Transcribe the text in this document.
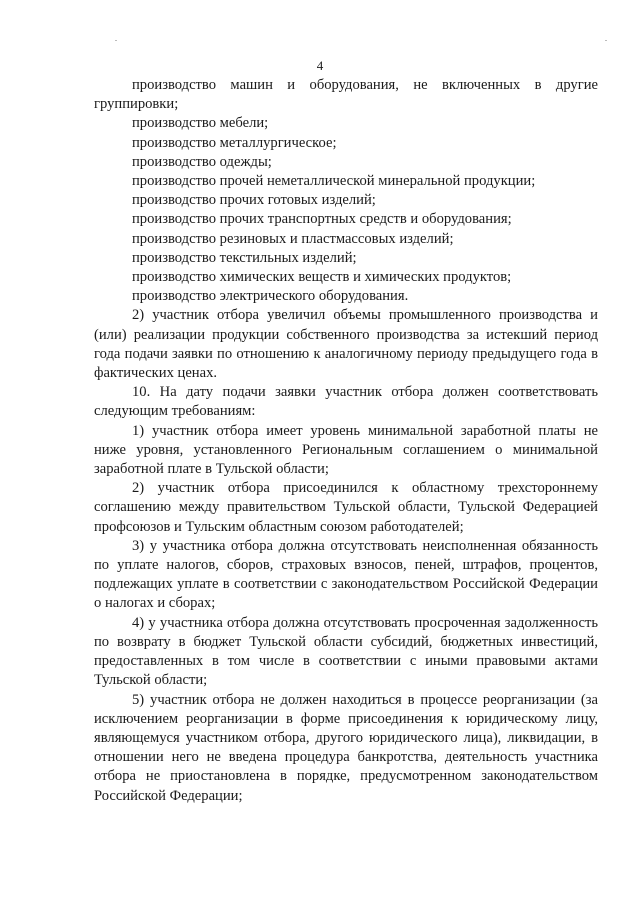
4

производство машин и оборудования, не включенных в другие группировки;

производство мебели;

производство металлургическое;

производство одежды;

производство прочей неметаллической минеральной продукции;

производство прочих готовых изделий;

производство прочих транспортных средств и оборудования;

производство резиновых и пластмассовых изделий;

производство текстильных изделий;

производство химических веществ и химических продуктов;

производство электрического оборудования.

2) участник отбора увеличил объемы промышленного производства и (или) реализации продукции собственного производства за истекший период года подачи заявки по отношению к аналогичному периоду предыдущего года в фактических ценах.

10. На дату подачи заявки участник отбора должен соответствовать следующим требованиям:

1) участник отбора имеет уровень минимальной заработной платы не ниже уровня, установленного Региональным соглашением о минимальной заработной плате в Тульской области;

2) участник отбора присоединился к областному трехстороннему соглашению между правительством Тульской области, Тульской Федерацией профсоюзов и Тульским областным союзом работодателей;

3) у участника отбора должна отсутствовать неисполненная обязанность по уплате налогов, сборов, страховых взносов, пеней, штрафов, процентов, подлежащих уплате в соответствии с законодательством Российской Федерации о налогах и сборах;

4) у участника отбора должна отсутствовать просроченная задолженность по возврату в бюджет Тульской области субсидий, бюджетных инвестиций, предоставленных в том числе в соответствии с иными правовыми актами Тульской области;

5) участник отбора не должен находиться в процессе реорганизации (за исключением реорганизации в форме присоединения к юридическому лицу, являющемуся участником отбора, другого юридического лица), ликвидации, в отношении него не введена процедура банкротства, деятельность участника отбора не приостановлена в порядке, предусмотренном законодательством Российской Федерации;
